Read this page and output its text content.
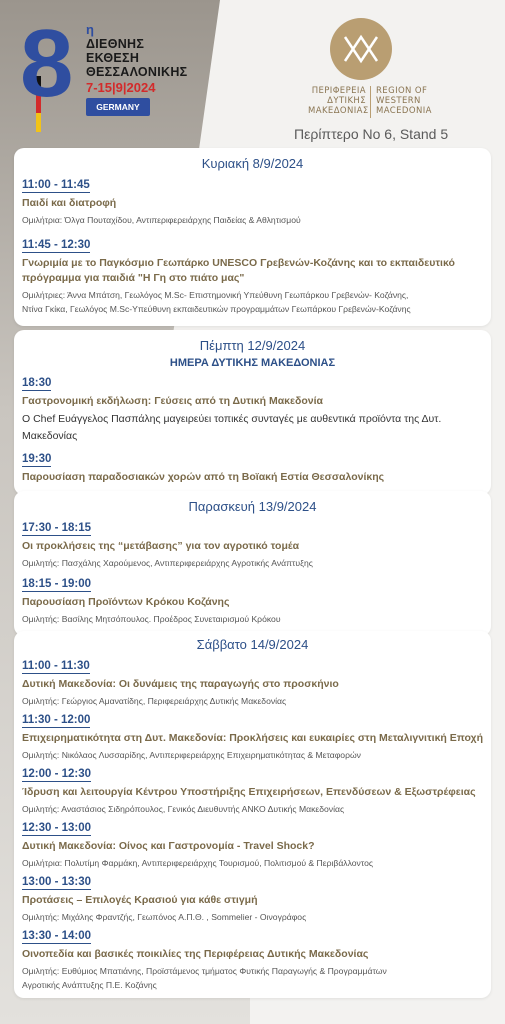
8 η
ΔΙΕΘΝΗΣ
ΕΚΘΕΣΗ
ΘΕΣΣΑΛΟΝΙΚΗΣ
7-15|9|2024
GERMANY
ΠΕΡΙΦΕΡΕΙΑ
ΔΥΤΙΚΗΣ
ΜΑΚΕΔΟΝΙΑΣ
REGION OF
WESTERN
MACEDONIA
Περίπτερο Νο 6, Stand 5
Κυριακή 8/9/2024
11:00 - 11:45
Παιδί και διατροφή
Ομιλήτρια: Όλγα Πουταχίδου, Αντιπεριφερειάρχης Παιδείας & Αθλητισμού
11:45 - 12:30
Γνωριμία με το Παγκόσμιο Γεωπάρκο UNESCO Γρεβενών-Κοζάνης και το εκπαιδευτικό πρόγραμμα για παιδιά "Η Γη στο πιάτο μας"
Ομιλήτριες: Άννα Μπάτση, Γεωλόγος M.Sc- Επιστημονική Υπεύθυνη Γεωπάρκου Γρεβενών- Κοζάνης,
Ντίνα Γκίκα, Γεωλόγος M.Sc-Υπεύθυνη εκπαιδευτικών προγραμμάτων Γεωπάρκου Γρεβενών-Κοζάνης
Πέμπτη 12/9/2024
ΗΜΕΡΑ ΔΥΤΙΚΗΣ ΜΑΚΕΔΟΝΙΑΣ
18:30
Γαστρονομική εκδήλωση: Γεύσεις από τη Δυτική Μακεδονία
Ο Chef Ευάγγελος Πασπάλης μαγειρεύει τοπικές συνταγές με αυθεντικά προϊόντα της Δυτ. Μακεδονίας
19:30
Παρουσίαση παραδοσιακών χορών από τη Βοϊακή Εστία Θεσσαλονίκης
Παρασκευή 13/9/2024
17:30 - 18:15
Οι προκλήσεις της “μετάβασης” για τον αγροτικό τομέα
Ομιλητής: Πασχάλης Χαρούμενος, Αντιπεριφερειάρχης Αγροτικής Ανάπτυξης
18:15 - 19:00
Παρουσίαση Προϊόντων Κρόκου Κοζάνης
Ομιλητής: Βασίλης Μητσόπουλος. Προέδρος Συνεταιρισμού Κρόκου
Σάββατο 14/9/2024
11:00 - 11:30
Δυτική Μακεδονία: Οι δυνάμεις της παραγωγής στο προσκήνιο
Ομιλητής: Γεώργιος Αμανατίδης, Περιφερειάρχης Δυτικής Μακεδονίας
11:30 - 12:00
Επιχειρηματικότητα στη Δυτ. Μακεδονία: Προκλήσεις και ευκαιρίες στη Μεταλιγνιτική Εποχή
Ομιλητής: Νικόλαος Λυσσαρίδης, Αντιπεριφερειάρχης Επιχειρηματικότητας & Μεταφορών
12:00 - 12:30
Ίδρυση και λειτουργία Κέντρου Υποστήριξης Επιχειρήσεων, Επενδύσεων & Εξωστρέφειας
Ομιλητής: Αναστάσιος Σιδηρόπουλος, Γενικός Διευθυντής ΑΝΚΟ Δυτικής Μακεδονίας
12:30 - 13:00
Δυτική Μακεδονία: Οίνος και Γαστρονομία - Travel Shock?
Ομιλήτρια: Πολυτίμη Φαρμάκη, Αντιπεριφερειάρχης Τουρισμού, Πολιτισμού & Περιβάλλοντος
13:00 - 13:30
Προτάσεις – Επιλογές Κρασιού για κάθε στιγμή
Ομιλητής: Μιχάλης Φραντζής, Γεωπόνος Α.Π.Θ. , Sommelier - Οινογράφος
13:30 - 14:00
Οινοπεδία και βασικές ποικιλίες της Περιφέρειας Δυτικής Μακεδονίας
Ομιλητής: Ευθύμιος Μπατιάνης, Προϊστάμενος τμήματος Φυτικής Παραγωγής & Προγραμμάτων
Αγροτικής Ανάπτυξης Π.Ε. Κοζάνης
